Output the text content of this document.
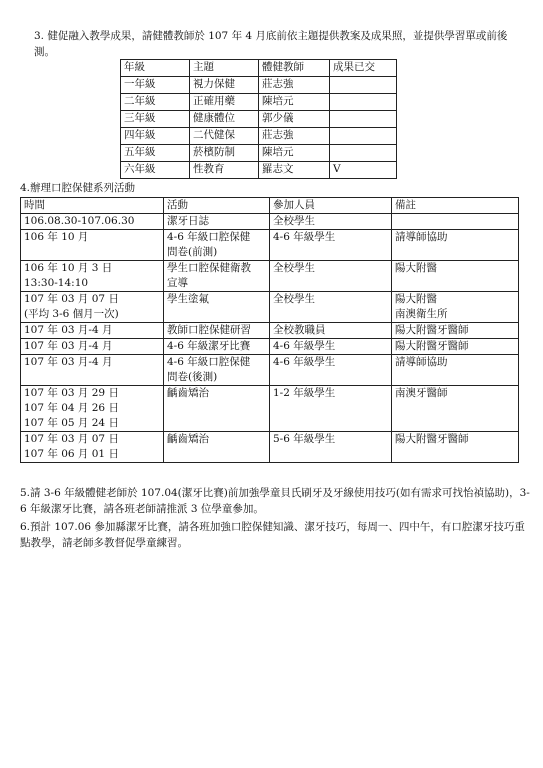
3. 健促融入教學成果，請健體教師於 107 年 4 月底前依主題提供教案及成果照，並提供學習單或前後測。
年級	主題	體健教師	成果已交
一年級	視力保健	莊志強	
二年級	正確用藥	陳培元	
三年級	健康體位	郭少儀	
四年級	二代健保	莊志強	
五年級	菸檳防制	陳培元	
六年級	性教育	羅志文	V
4.辦理口腔保健系列活動
時間	活動	參加人員	備註
106.08.30-107.06.30	潔牙日誌	全校學生	
106 年 10 月	4-6 年級口腔保健
問卷(前測)	4-6 年級學生	請導師協助
106 年 10 月 3 日
13:30-14:10	學生口腔保健衛教
宣導	全校學生	陽大附醫
107 年 03 月 07 日
(平均 3-6 個月一次)	學生塗氟	全校學生	陽大附醫
南澳衛生所
107 年 03 月-4 月	教師口腔保健研習	全校教職員	陽大附醫牙醫師
107 年 03 月-4 月	4-6 年級潔牙比賽	4-6 年級學生	陽大附醫牙醫師
107 年 03 月-4 月	4-6 年級口腔保健
問卷(後測)	4-6 年級學生	請導師協助
107 年 03 月 29 日
107 年 04 月 26 日
107 年 05 月 24 日	齲齒矯治	1-2 年級學生	南澳牙醫師
107 年 03 月 07 日
107 年 06 月 01 日	齲齒矯治	5-6 年級學生	陽大附醫牙醫師
5.請 3-6 年級體健老師於 107.04(潔牙比賽)前加強學童貝氏刷牙及牙線使用技巧(如有需求可找怡禎協助)，3-6 年級潔牙比賽，請各班老師請推派 3 位學童參加。
6.預計 107.06 參加縣潔牙比賽，請各班加強口腔保健知識、潔牙技巧，每周一、四中午，有口腔潔牙技巧重點教學，請老師多教督促學童練習。
